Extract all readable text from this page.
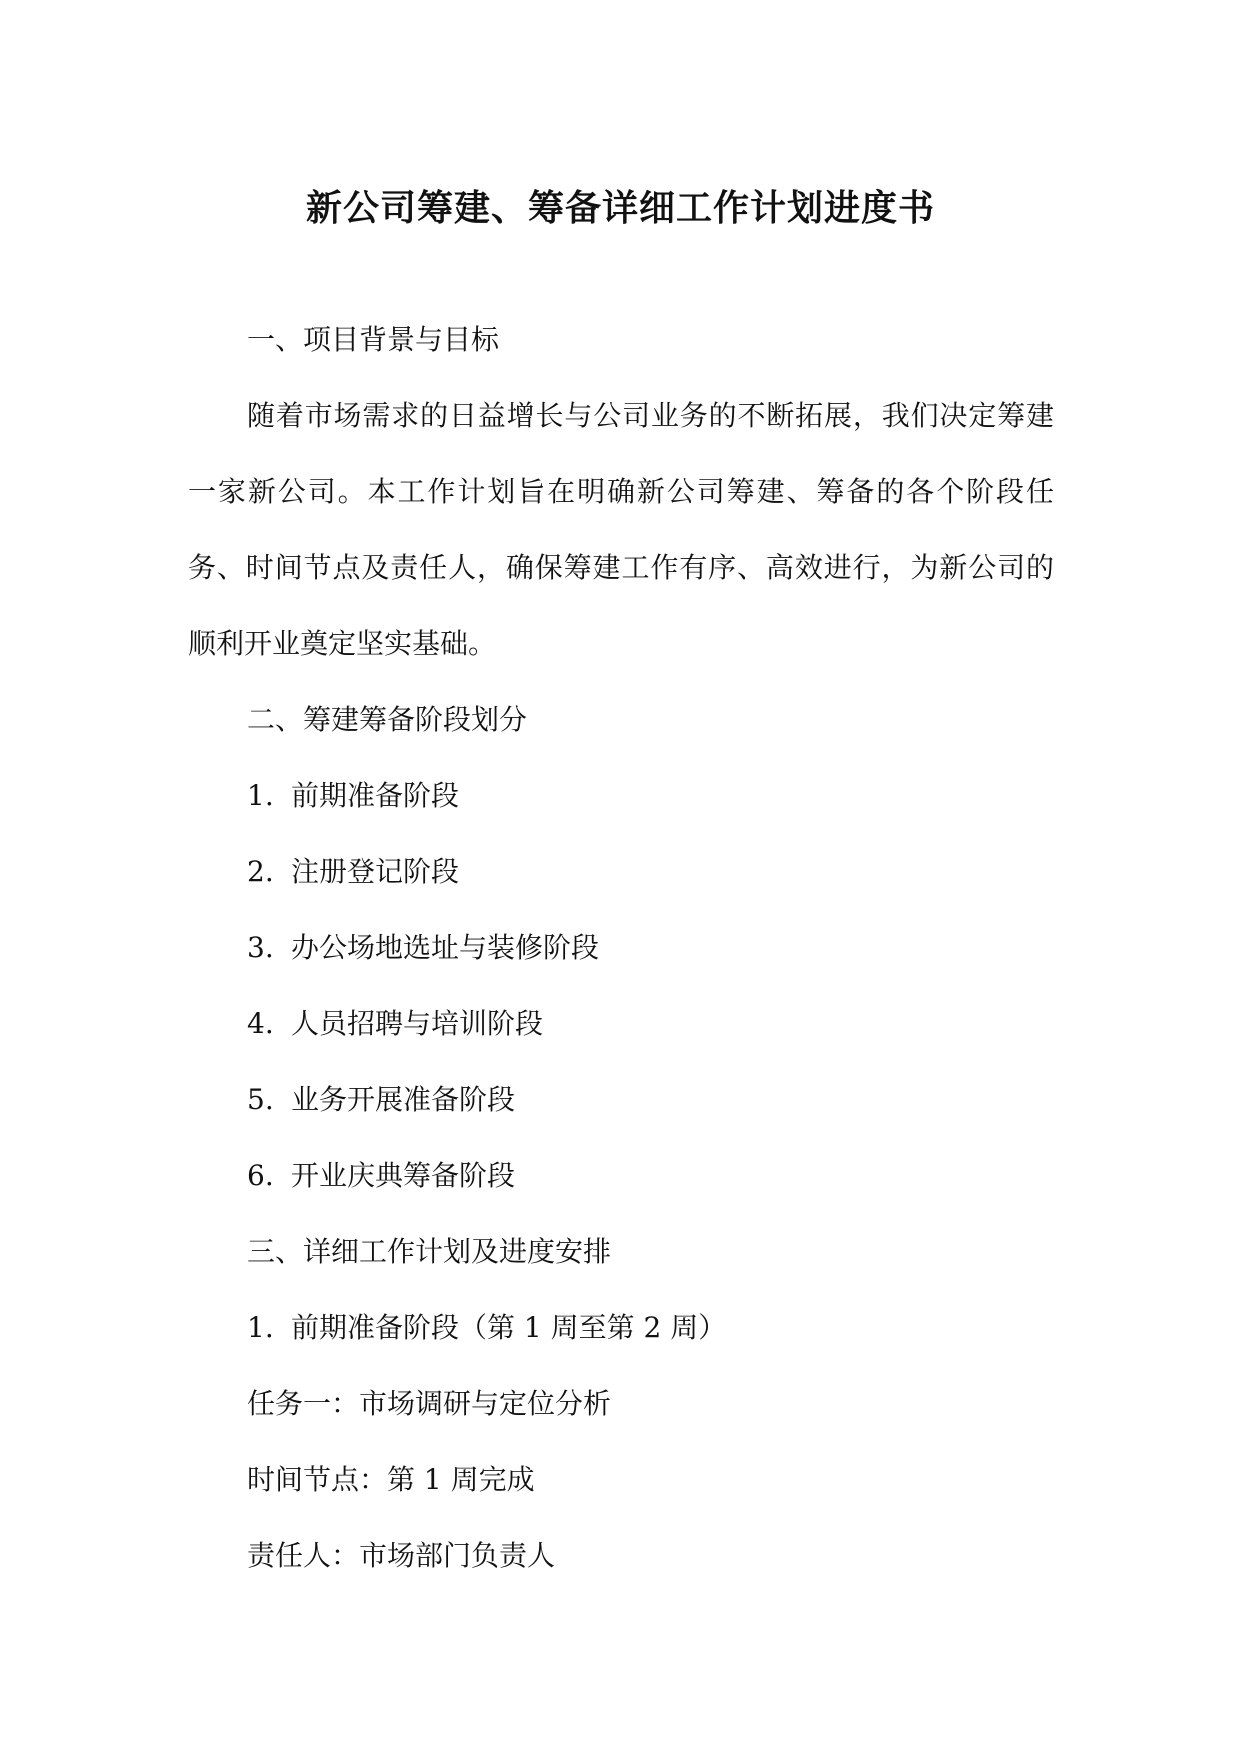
新公司筹建、筹备详细工作计划进度书

一、项目背景与目标

随着市场需求的日益增长与公司业务的不断拓展，我们决定筹建一家新公司。本工作计划旨在明确新公司筹建、筹备的各个阶段任务、时间节点及责任人，确保筹建工作有序、高效进行，为新公司的顺利开业奠定坚实基础。

二、筹建筹备阶段划分

1. 前期准备阶段

2. 注册登记阶段

3. 办公场地选址与装修阶段

4. 人员招聘与培训阶段

5. 业务开展准备阶段

6. 开业庆典筹备阶段

三、详细工作计划及进度安排

1. 前期准备阶段（第 1 周至第 2 周）

任务一：市场调研与定位分析

时间节点：第 1 周完成

责任人：市场部门负责人
